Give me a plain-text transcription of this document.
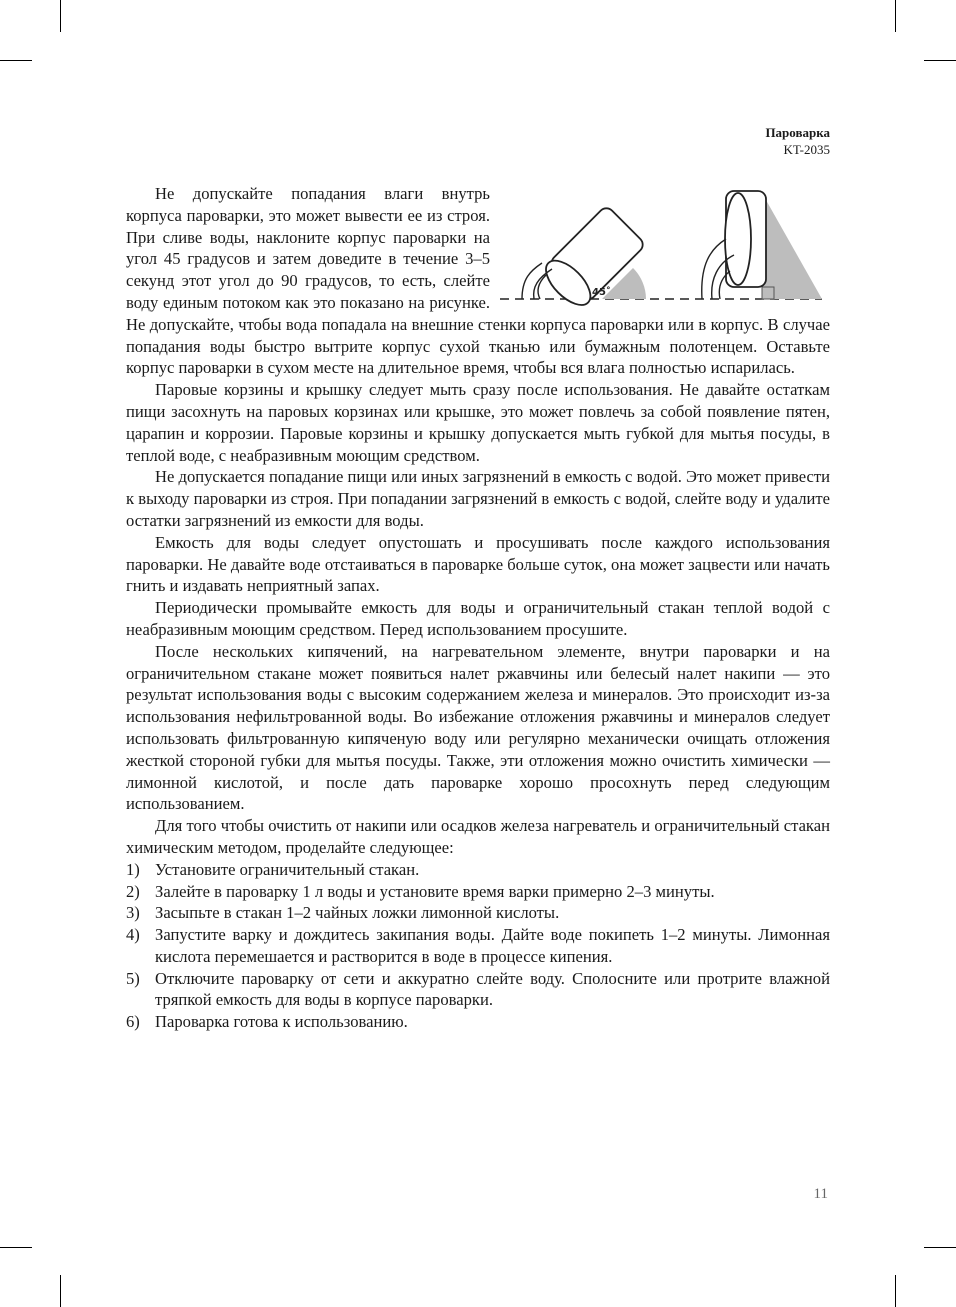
Пароварка
KT-2035
45˚

Не допускайте попадания влаги внутрь корпуса пароварки, это может вывести ее из строя. При сливе воды, наклоните корпус пароварки на угол 45 градусов и затем доведите в течение 3–5 секунд этот угол до 90 градусов, то есть, слейте воду единым потоком как это показано на рисунке. Не допускайте, чтобы вода попадала на внешние стенки корпуса пароварки или в корпус. В случае попадания воды быстро вытрите корпус сухой тканью или бумажным полотенцем. Оставьте корпус пароварки в сухом месте на длительное время, чтобы вся влага полностью испарилась.

Паровые корзины и крышку следует мыть сразу после использования. Не давайте остаткам пищи засохнуть на паровых корзинах или крышке, это может повлечь за собой появление пятен, царапин и коррозии. Паровые корзины и крышку допускается мыть губкой для мытья посуды, в теплой воде, с неабразивным моющим средством.

Не допускается попадание пищи или иных загрязнений в емкость с водой. Это может привести к выходу пароварки из строя. При попадании загрязнений в емкость с водой, слейте воду и удалите остатки загрязнений из емкости для воды.

Емкость для воды следует опустошать и просушивать после каждого использования пароварки. Не давайте воде отстаиваться в пароварке больше суток, она может зацвести или начать гнить и издавать неприятный запах.

Периодически промывайте емкость для воды и ограничительный стакан теплой водой с неабразивным моющим средством. Перед использованием просушите.

После нескольких кипячений, на нагревательном элементе, внутри пароварки и на ограничительном стакане может появиться налет ржавчины или белесый налет накипи — это результат использования воды с высоким содержанием железа и минералов. Это происходит из-за использования нефильтрованной воды. Во избежание отложения ржавчины и минералов следует использовать фильтрованную кипяченую воду или регулярно механически очищать отложения жесткой стороной губки для мытья посуды. Также, эти отложения можно очистить химически — лимонной кислотой, и после дать пароварке хорошо просохнуть перед следующим использованием.

Для того чтобы очистить от накипи или осадков железа нагреватель и ограничительный стакан химическим методом, проделайте следующее:

1) Установите ограничительный стакан.
2) Залейте в пароварку 1 л воды и установите время варки примерно 2–3 минуты.
3) Засыпьте в стакан 1–2 чайных ложки лимонной кислоты.
4) Запустите варку и дождитесь закипания воды. Дайте воде покипеть 1–2 минуты. Лимонная кислота перемешается и растворится в воде в процессе кипения.
5) Отключите пароварку от сети и аккуратно слейте воду. Сполосните или протрите влажной тряпкой емкость для воды в корпусе пароварки.
6) Пароварка готова к использованию.
11
